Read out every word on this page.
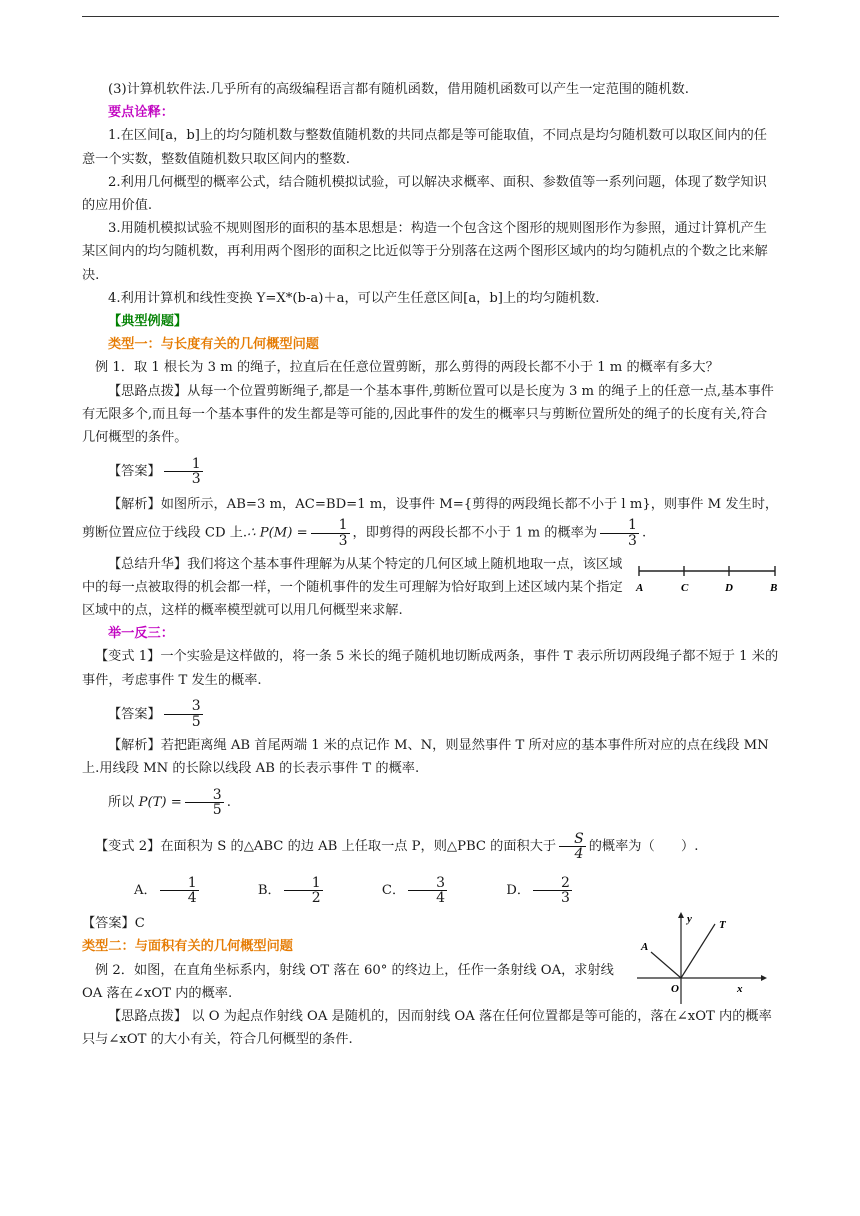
(3)计算机软件法.几乎所有的高级编程语言都有随机函数，借用随机函数可以产生一定范围的随机数.

要点诠释：

1.在区间[a，b]上的均匀随机数与整数值随机数的共同点都是等可能取值，不同点是均匀随机数可以取区间内的任意一个实数，整数值随机数只取区间内的整数.

2.利用几何概型的概率公式，结合随机模拟试验，可以解决求概率、面积、参数值等一系列问题，体现了数学知识的应用价值.

3.用随机模拟试验不规则图形的面积的基本思想是：构造一个包含这个图形的规则图形作为参照，通过计算机产生某区间内的均匀随机数，再利用两个图形的面积之比近似等于分别落在这两个图形区域内的均匀随机点的个数之比来解决.

4.利用计算机和线性变换 Y=X*(b-a)＋a，可以产生任意区间[a，b]上的均匀随机数.

【典型例题】

类型一：与长度有关的几何概型问题

例 1．取 1 根长为 3 m 的绳子，拉直后在任意位置剪断，那么剪得的两段长都不小于 1 m 的概率有多大？

【思路点拨】从每一个位置剪断绳子,都是一个基本事件,剪断位置可以是长度为 3 m 的绳子上的任意一点,基本事件有无限多个,而且每一个基本事件的发生都是等可能的,因此事件的发生的概率只与剪断位置所处的绳子的长度有关,符合几何概型的条件。

【答案】 $\frac{1}{3}$

【解析】如图所示，AB=3 m，AC=BD=1 m，设事件 M={剪得的两段绳长都不小于 l m}，则事件 M 发生时，剪断位置应位于线段 CD 上.∴ $P(M) = \frac{1}{3}$ ，即剪得的两段长都不小于 1 m 的概率为 $\frac{1}{3}$ .

A	C	D	B

【总结升华】我们将这个基本事件理解为从某个特定的几何区域上随机地取一点，该区域中的每一点被取得的机会都一样，一个随机事件的发生可理解为恰好取到上述区域内某个指定区域中的点，这样的概率模型就可以用几何概型来求解.

举一反三：

【变式 1】一个实验是这样做的，将一条 5 米长的绳子随机地切断成两条，事件 T 表示所切两段绳子都不短于 1 米的事件，考虑事件 T 发生的概率.

【答案】 $\frac{3}{5}$

【解析】若把距离绳 AB 首尾两端 1 米的点记作 M、N，则显然事件 T 所对应的基本事件所对应的点在线段 MN 上.用线段 MN 的长除以线段 AB 的长表示事件 T 的概率.

所以 $P(T) = \frac{3}{5}$ .

【变式 2】在面积为 S 的△ABC 的边 AB 上任取一点 P，则△PBC 的面积大于 $\frac{S}{4}$ 的概率为（　　）.

A． $\frac{1}{4}$	B． $\frac{1}{2}$	C． $\frac{3}{4}$	D． $\frac{2}{3}$

y T
A
O	x

【答案】C

类型二：与面积有关的几何概型问题

例 2．如图，在直角坐标系内，射线 OT 落在 60° 的终边上，任作一条射线 OA，求射线 OA 落在∠xOT 内的概率.

【思路点拨】 以 O 为起点作射线 OA 是随机的，因而射线 OA 落在任何位置都是等可能的，落在∠xOT 内的概率只与∠xOT 的大小有关，符合几何概型的条件.
